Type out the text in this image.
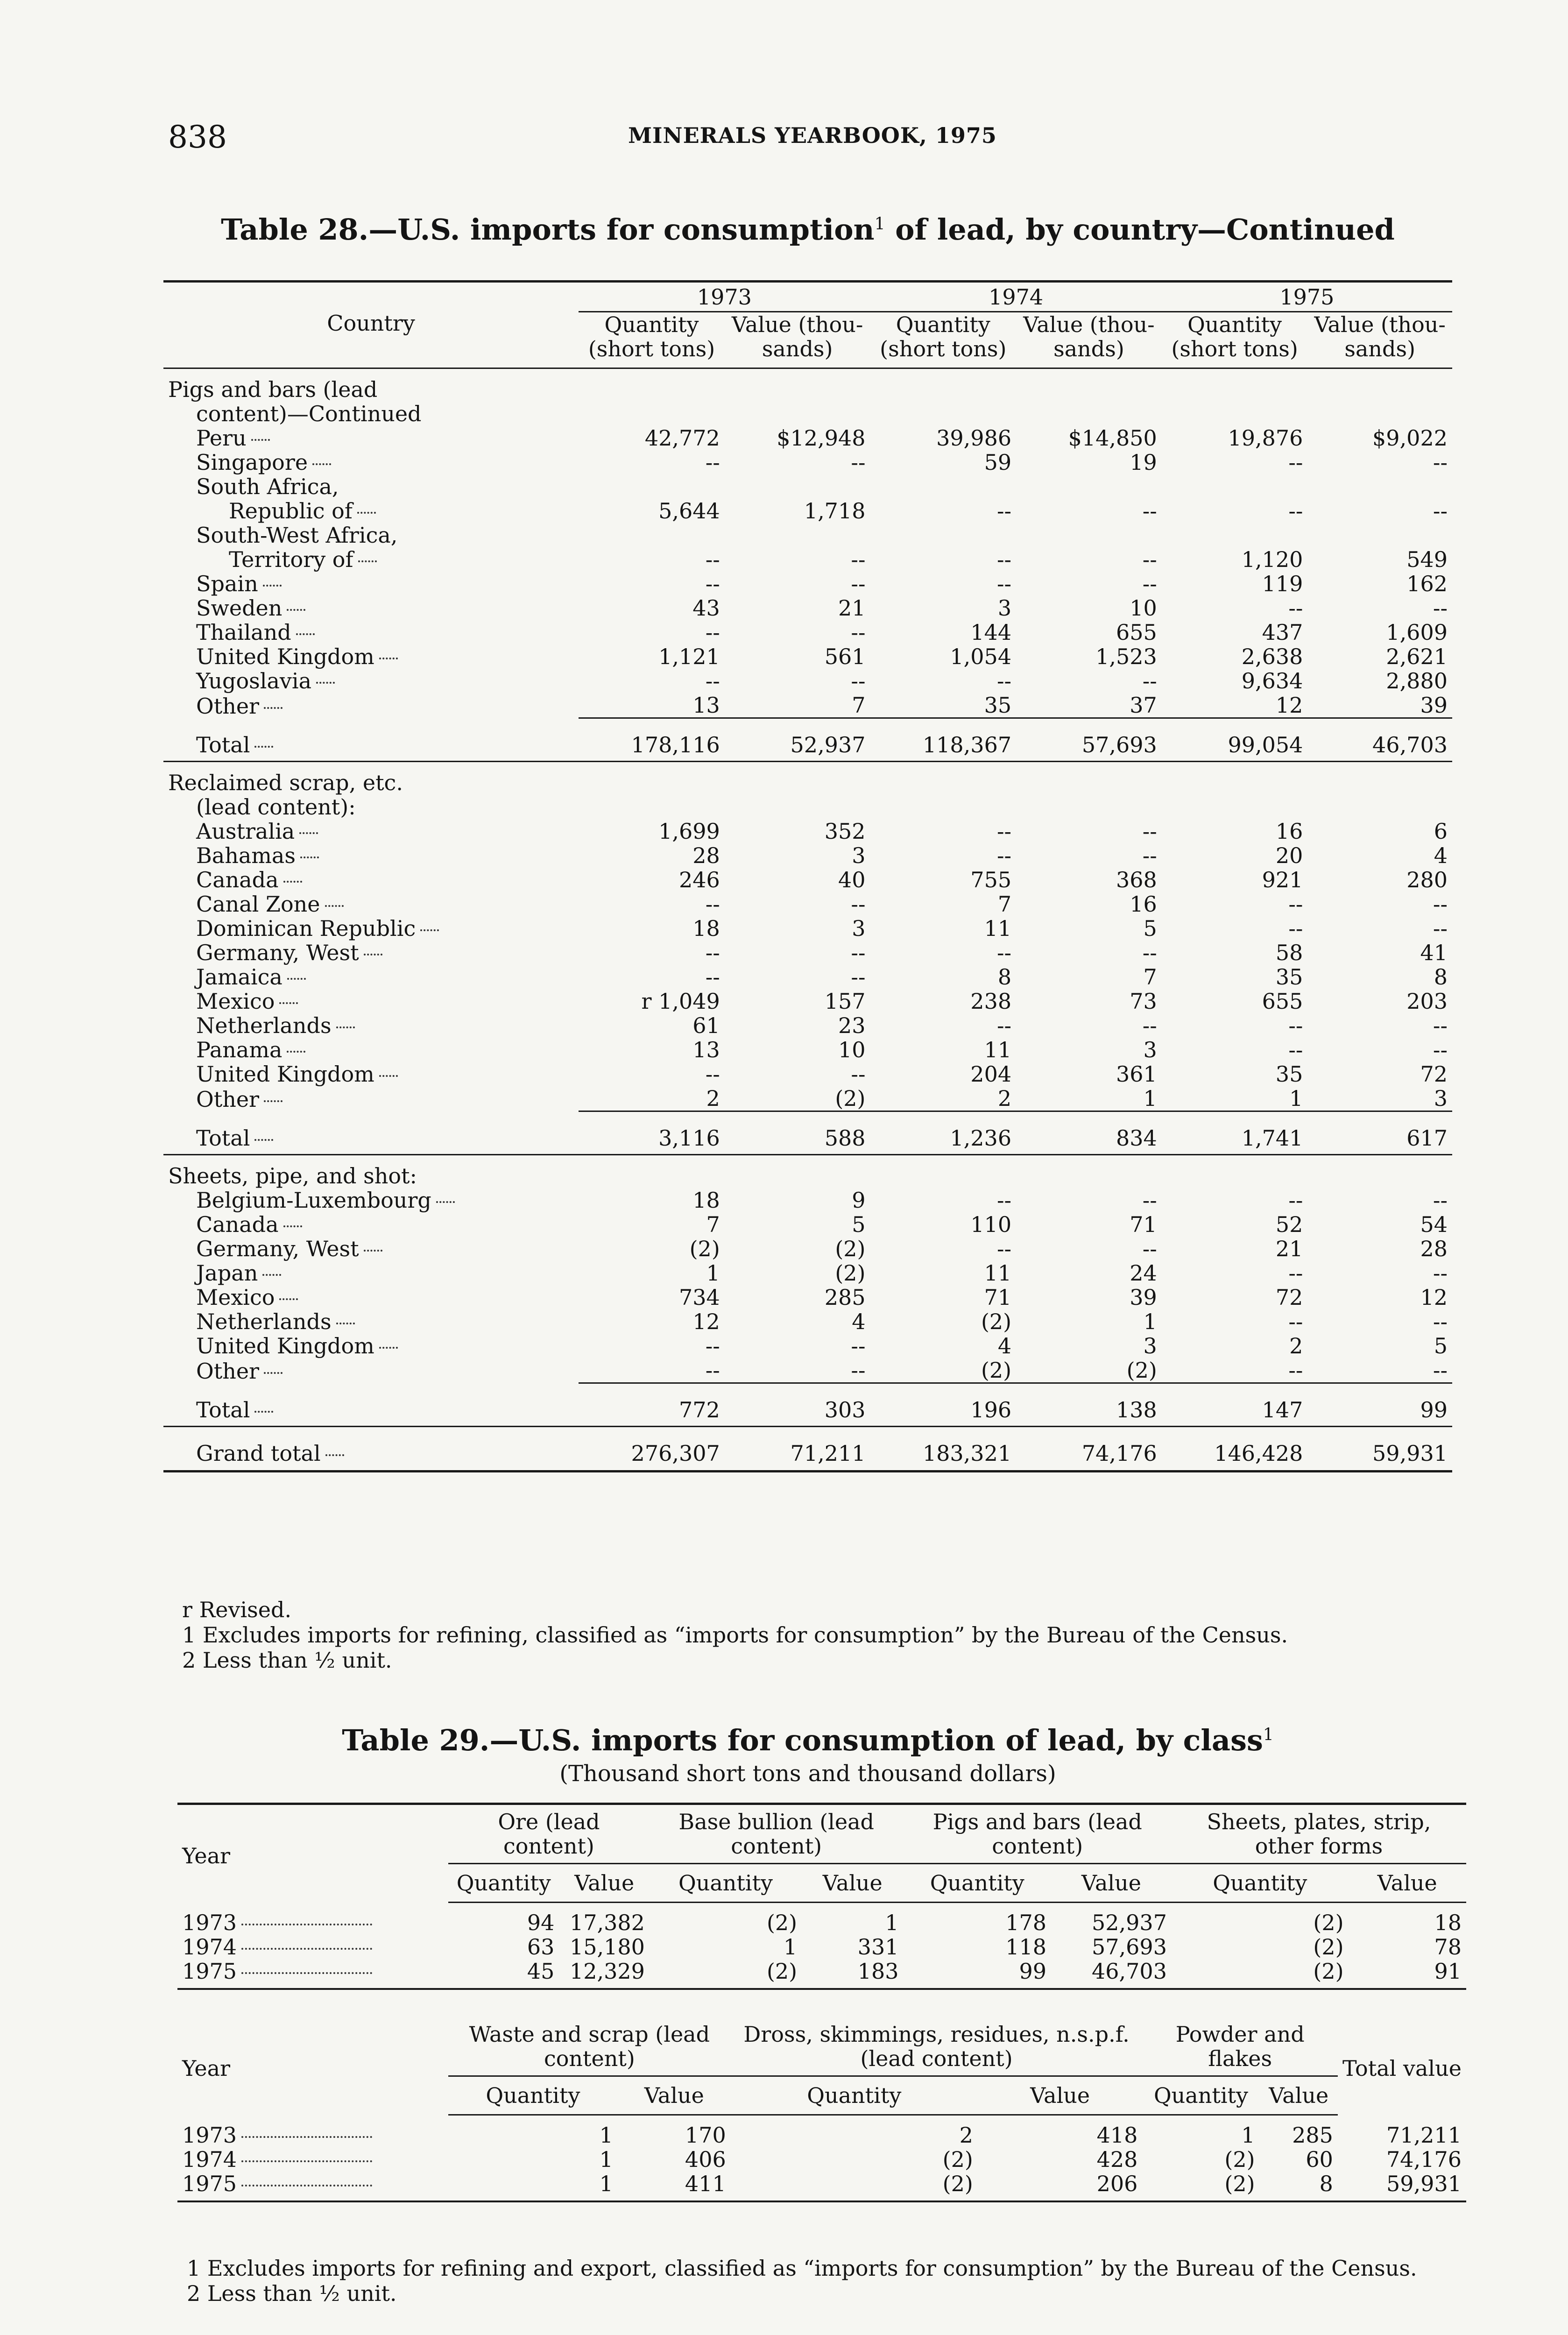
838	MINERALS YEARBOOK, 1975
Table 28.—U.S. imports for consumption$^1$ of lead, by country—Continued
Country	1973		1974		1975	
	Quantity (short tons)	Value (thou- sands)	Quantity (short tons)	Value (thou- sands)	Quantity (short tons)	Value (thou- sands)

Pigs and bars (lead						
content)—Continued						
Peru	42,772	$12,948	39,986	$14,850	19,876	$9,022
Singapore	--	--	59	19	--	--
South Africa,						
Republic of	5,644	1,718	--	--	--	--
South-West Africa,						
Territory of	--	--	--	--	1,120	549
Spain	--	--	--	--	119	162
Sweden	43	21	3	10	--	--
Thailand	--	--	144	655	437	1,609
United Kingdom	1,121	561	1,054	1,523	2,638	2,621
Yugoslavia	--	--	--	--	9,634	2,880
Other	13	7	35	37	12	39
Total	178,116	52,937	118,367	57,693	99,054	46,703

Reclaimed scrap, etc.						
(lead content):						
Australia	1,699	352	--	--	16	6
Bahamas	28	3	--	--	20	4
Canada	246	40	755	368	921	280
Canal Zone	--	--	7	16	--	--
Dominican Republic	18	3	11	5	--	--
Germany, West	--	--	--	--	58	41
Jamaica	--	--	8	7	35	8
Mexico	r 1,049	157	238	73	655	203
Netherlands	61	23	--	--	--	--
Panama	13	10	11	3	--	--
United Kingdom	--	--	204	361	35	72
Other	2	(2)	2	1	1	3
Total	3,116	588	1,236	834	1,741	617

Sheets, pipe, and shot:						
Belgium-Luxembourg	18	9	--	--	--	--
Canada	7	5	110	71	52	54
Germany, West	(2)	(2)	--	--	21	28
Japan	1	(2)	11	24	--	--
Mexico	734	285	71	39	72	12
Netherlands	12	4	(2)	1	--	--
United Kingdom	--	--	4	3	2	5
Other	--	--	(2)	(2)	--	--
Total	772	303	196	138	147	99

Grand total	276,307	71,211	183,321	74,176	146,428	59,931

r Revised.

1 Excludes imports for refining, classified as “imports for consumption” by the Bureau of the Census.

2 Less than ½ unit.

Table 29.—U.S. imports for consumption of lead, by class$^1$
(Thousand short tons and thousand dollars)
Year	Ore (lead content)		Base bullion (lead content)		Pigs and bars (lead content)		Sheets, plates, strip, other forms	
	Quantity	Value	Quantity	Value	Quantity	Value	Quantity	Value
1973	94	17,382	(2)	1	178	52,937	(2)	18
1974	63	15,180	1	331	118	57,693	(2)	78
1975	45	12,329	(2)	183	99	46,703	(2)	91

Year	Waste and scrap (lead content)		Dross, skimmings, residues, n.s.p.f. (lead content)		Powder and flakes		Total value
	Quantity	Value	Quantity	Value	Quantity	Value	
1973	1	170	2	418	1	285	71,211
1974	1	406	(2)	428	(2)	60	74,176
1975	1	411	(2)	206	(2)	8	59,931

1 Excludes imports for refining and export, classified as “imports for consumption” by the Bureau of the Census.

2 Less than ½ unit.
